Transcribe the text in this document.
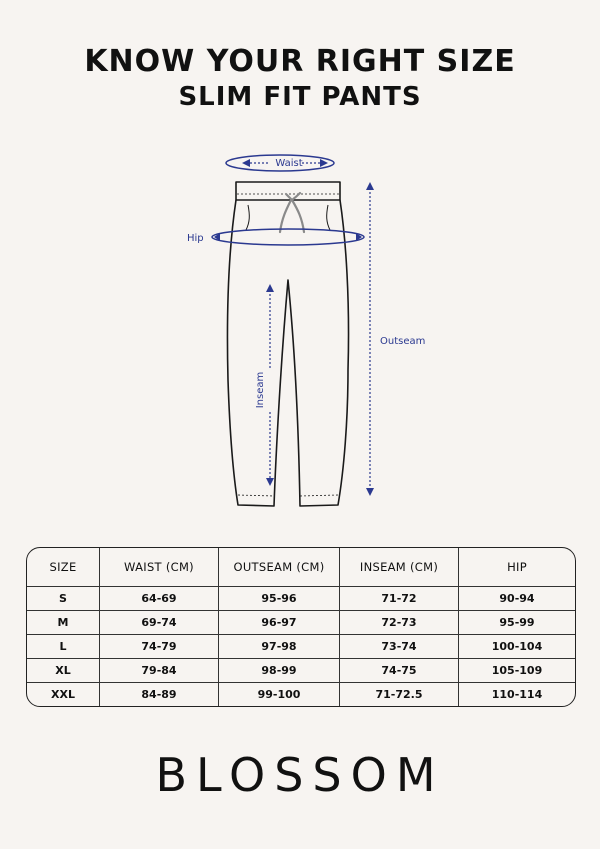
KNOW YOUR RIGHT SIZE
SLIM FIT PANTS
Waist
Hip
Inseam
Outseam
SIZE	WAIST (CM)	OUTSEAM (CM)	INSEAM (CM)	HIP
S	64-69	95-96	71-72	90-94
M	69-74	96-97	72-73	95-99
L	74-79	97-98	73-74	100-104
XL	79-84	98-99	74-75	105-109
XXL	84-89	99-100	71-72.5	110-114
BLOSSOM
